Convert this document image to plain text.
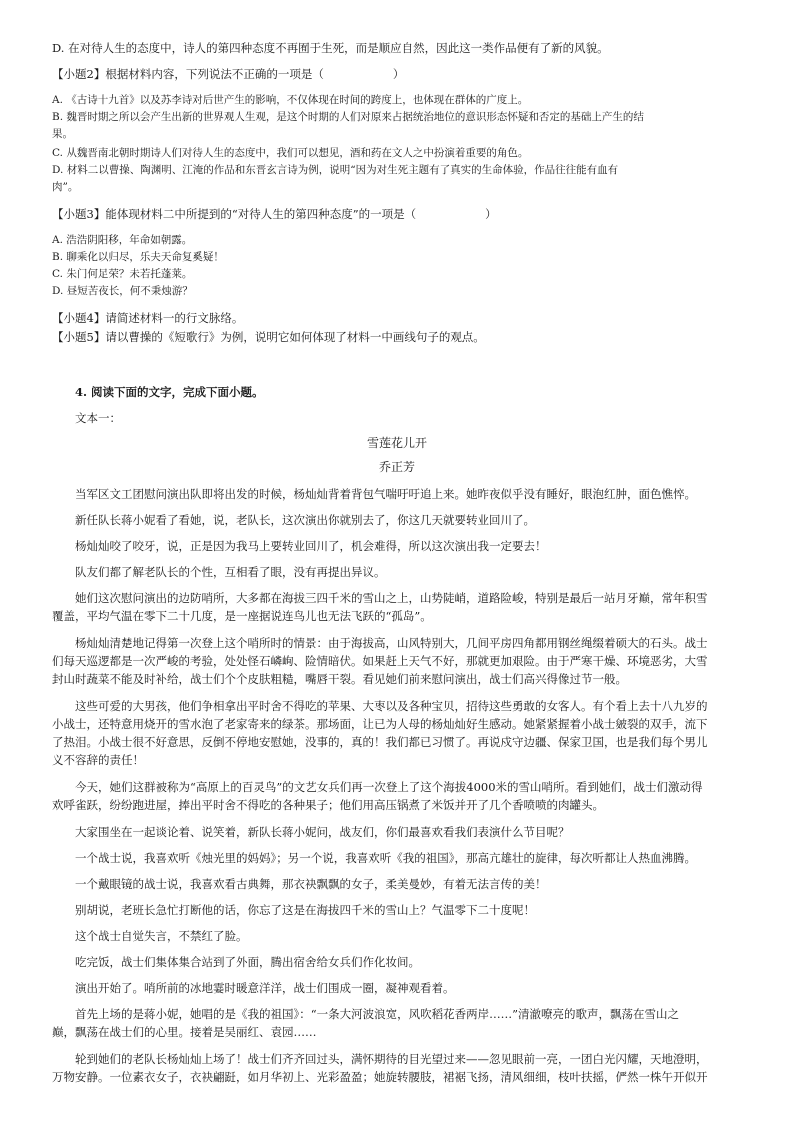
D. 在对待人生的态度中，诗人的第四种态度不再囿于生死，而是顺应自然，因此这一类作品便有了新的风貌。
【小题2】根据材料内容，下列说法不正确的一项是（　　　　　　）
A. 《古诗十九首》以及苏李诗对后世产生的影响，不仅体现在时间的跨度上，也体现在群体的广度上。
B. 魏晋时期之所以会产生出新的世界观人生观，是这个时期的人们对原来占据统治地位的意识形态怀疑和否定的基础上产生的结
果。
C. 从魏晋南北朝时期诗人们对待人生的态度中，我们可以想见，酒和药在文人之中扮演着重要的角色。
D. 材料二以曹操、陶渊明、江淹的作品和东晋玄言诗为例，说明“因为对生死主题有了真实的生命体验，作品往往能有血有
肉”。
【小题3】能体现材料二中所提到的“对待人生的第四种态度”的一项是（　　　　　　）
A. 浩浩阴阳移，年命如朝露。
B. 聊乘化以归尽，乐夫天命复奚疑！
C. 朱门何足荣？未若托蓬莱。
D. 昼短苦夜长，何不秉烛游？
【小题4】请简述材料一的行文脉络。
【小题5】请以曹操的《短歌行》为例，说明它如何体现了材料一中画线句子的观点。
4. 阅读下面的文字，完成下面小题。
文本一：
雪莲花儿开
乔正芳
当军区文工团慰问演出队即将出发的时候，杨灿灿背着背包气喘吁吁追上来。她昨夜似乎没有睡好，眼泡红肿，面色憔悴。
新任队长蒋小妮看了看她，说，老队长，这次演出你就别去了，你这几天就要转业回川了。
杨灿灿咬了咬牙，说，正是因为我马上要转业回川了，机会难得，所以这次演出我一定要去！
队友们都了解老队长的个性，互相看了眼，没有再提出异议。
她们这次慰问演出的边防哨所，大多都在海拔三四千米的雪山之上，山势陡峭，道路险峻，特别是最后一站月牙巅，常年积雪
覆盖，平均气温在零下二十几度，是一座据说连鸟儿也无法飞跃的“孤岛”。
杨灿灿清楚地记得第一次登上这个哨所时的情景：由于海拔高，山风特别大，几间平房四角都用钢丝绳缀着硕大的石头。战士
们每天巡逻都是一次严峻的考验，处处怪石嶙峋、险情暗伏。如果赶上天气不好，那就更加艰险。由于严寒干燥、环境恶劣，大雪
封山时蔬菜不能及时补给，战士们个个皮肤粗糙，嘴唇干裂。看见她们前来慰问演出，战士们高兴得像过节一般。
这些可爱的大男孩，他们争相拿出平时舍不得吃的苹果、大枣以及各种宝贝，招待这些勇敢的女客人。有个看上去十八九岁的
小战士，还特意用烧开的雪水泡了老家寄来的绿茶。那场面，让已为人母的杨灿灿好生感动。她紧紧握着小战士皴裂的双手，流下
了热泪。小战士很不好意思，反倒不停地安慰她，没事的，真的！我们都已习惯了。再说戍守边疆、保家卫国，也是我们每个男儿
义不容辞的责任！
今天，她们这群被称为“高原上的百灵鸟”的文艺女兵们再一次登上了这个海拔4000米的雪山哨所。看到她们，战士们激动得
欢呼雀跃，纷纷跑进屋，捧出平时舍不得吃的各种果子；他们用高压锅煮了米饭并开了几个香喷喷的肉罐头。
大家围坐在一起谈论着、说笑着，新队长蒋小妮问，战友们，你们最喜欢看我们表演什么节目呢？
一个战士说，我喜欢听《烛光里的妈妈》；另一个说，我喜欢听《我的祖国》，那高亢雄壮的旋律，每次听都让人热血沸腾。
一个戴眼镜的战士说，我喜欢看古典舞，那衣袂飘飘的女子，柔美曼妙，有着无法言传的美！
别胡说，老班长急忙打断他的话，你忘了这是在海拔四千米的雪山上？气温零下二十度呢！
这个战士自觉失言，不禁红了脸。
吃完饭，战士们集体集合站到了外面，腾出宿舍给女兵们作化妆间。
演出开始了。哨所前的冰地霎时暖意洋洋，战士们围成一圈，凝神观看着。
首先上场的是蒋小妮，她唱的是《我的祖国》：“一条大河波浪宽，风吹稻花香两岸……”清澈嘹亮的歌声，飘荡在雪山之
巅，飘荡在战士们的心里。接着是吴丽红、袁园……
轮到她们的老队长杨灿灿上场了！战士们齐齐回过头，满怀期待的目光望过来——忽见眼前一亮，一团白光闪耀，天地澄明，
万物安静。一位素衣女子，衣袂翩跹，如月华初上、光彩盈盈；她旋转腰肢，裙裾飞扬，清风细细，枝叶扶摇，俨然一株午开似开
